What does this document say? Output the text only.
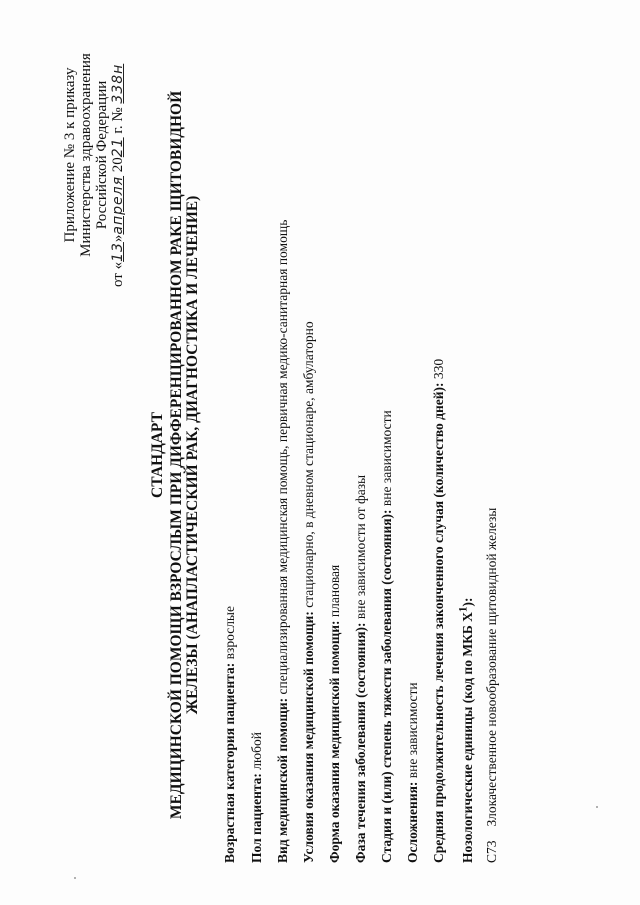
Приложение № 3 к приказу Министерства здравоохранения Российской Федерации
от «13»апреля 2021 г. № 338н
СТАНДАРТ МЕДИЦИНСКОЙ ПОМОЩИ ВЗРОСЛЫМ ПРИ ДИФФЕРЕНЦИРОВАННОМ РАКЕ ЩИТОВИДНОЙ ЖЕЛЕЗЫ (АНАПЛАСТИЧЕСКИЙ РАК, ДИАГНОСТИКА И ЛЕЧЕНИЕ)
Возрастная категория пациента: взрослые
Пол пациента: любой Вид медицинской помощи: специализированная медицинская помощь, первичная медико-санитарная помощь
Условия оказания медицинской помощи: стационарно, в дневном стационаре, амбулаторно
Форма оказания медицинской помощи: плановая
Фаза течения заболевания (состояния): вне зависимости от фазы Стадия и (или) степень тяжести заболевания (состояния): вне зависимости
Осложнения: вне зависимости Средняя продолжительность лечения законченного случая (количество дней): 330
Нозологические единицы (код по МКБ $X^1$):
C73
Злокачественное новообразование щитовидной железы
